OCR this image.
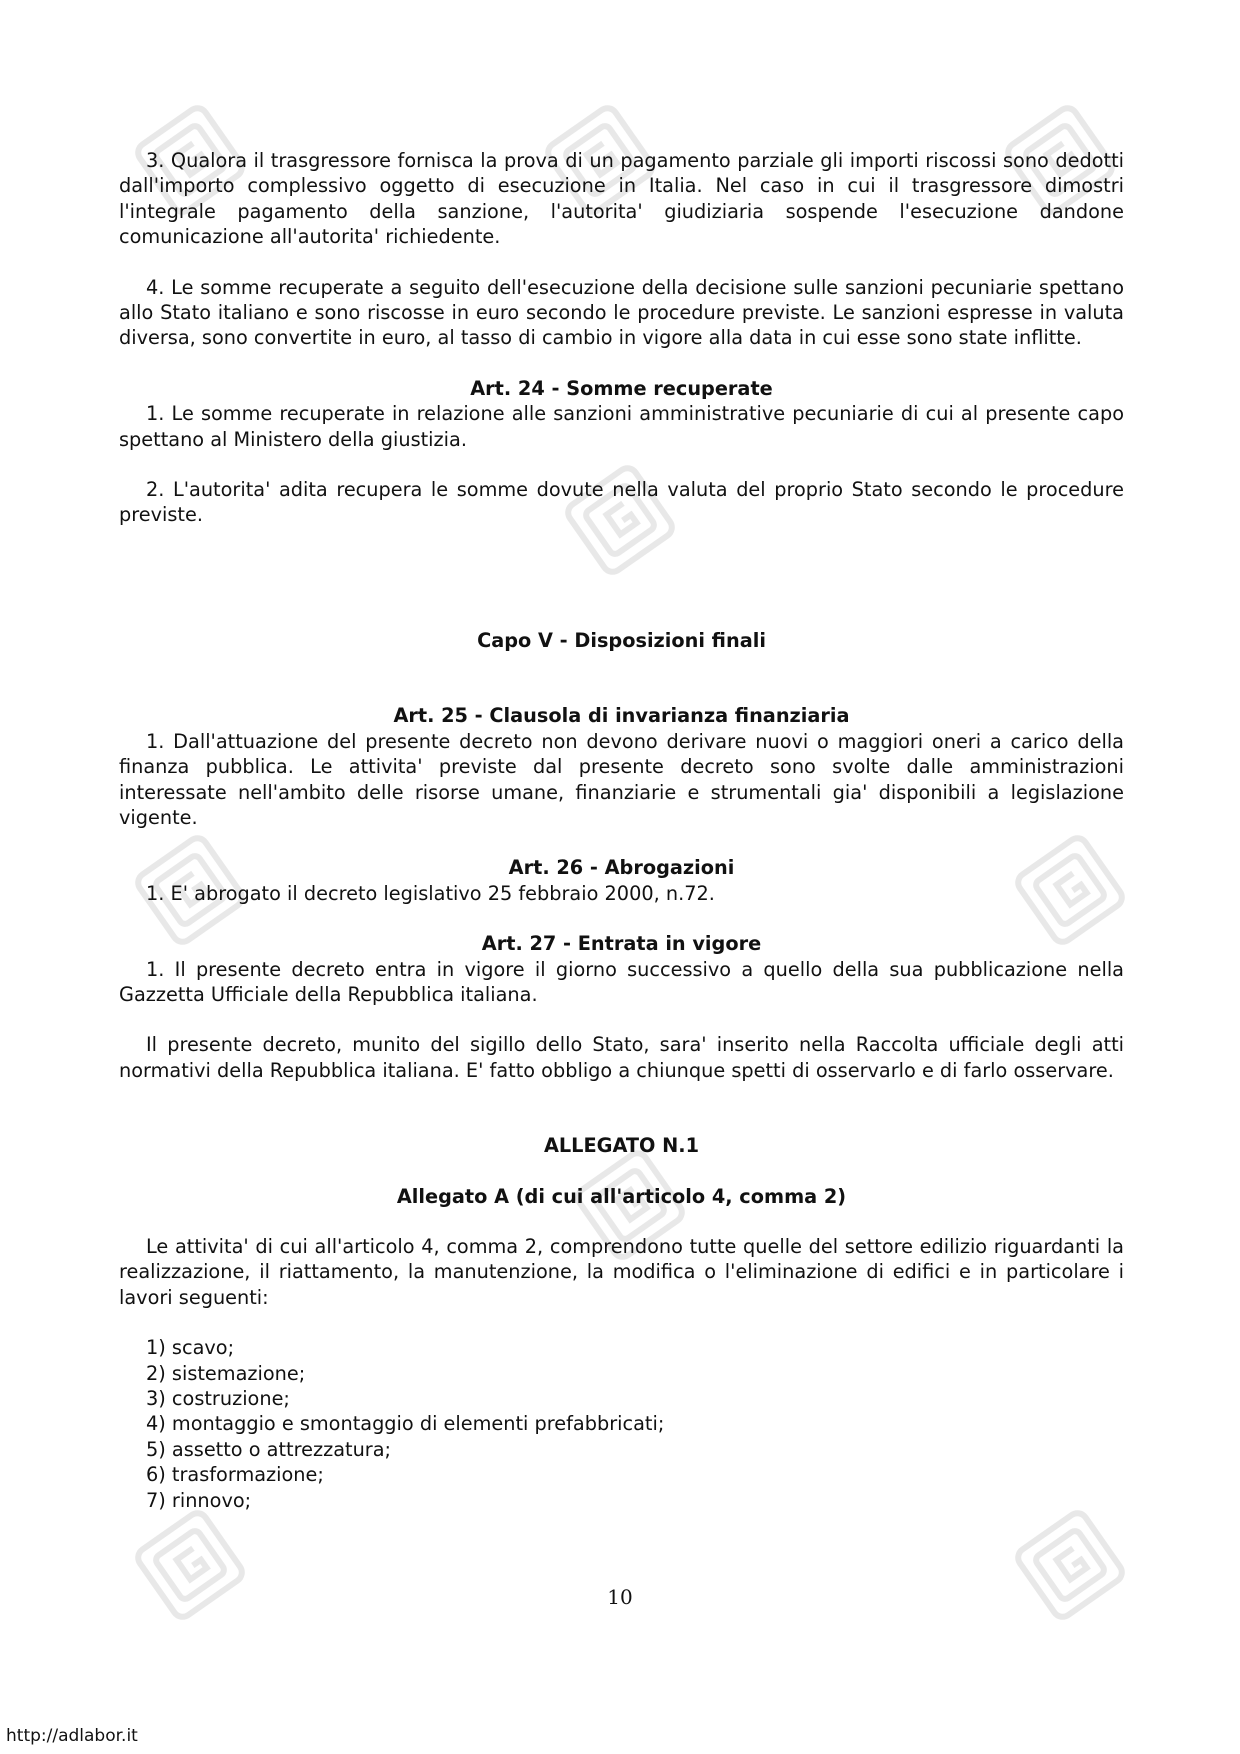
3. Qualora il trasgressore fornisca la prova di un pagamento parziale gli importi riscossi sono dedotti dall'importo complessivo oggetto di esecuzione in Italia. Nel caso in cui il trasgressore dimostri l'integrale pagamento della sanzione, l'autorita' giudiziaria sospende l'esecuzione dandone comunicazione all'autorita' richiedente.

4. Le somme recuperate a seguito dell'esecuzione della decisione sulle sanzioni pecuniarie spettano allo Stato italiano e sono riscosse in euro secondo le procedure previste. Le sanzioni espresse in valuta diversa, sono convertite in euro, al tasso di cambio in vigore alla data in cui esse sono state inflitte.

Art. 24 - Somme recuperate

1. Le somme recuperate in relazione alle sanzioni amministrative pecuniarie di cui al presente capo spettano al Ministero della giustizia.

2. L'autorita' adita recupera le somme dovute nella valuta del proprio Stato secondo le procedure previste.

Capo V - Disposizioni finali
Art. 25 - Clausola di invarianza finanziaria

1. Dall'attuazione del presente decreto non devono derivare nuovi o maggiori oneri a carico della finanza pubblica. Le attivita' previste dal presente decreto sono svolte dalle amministrazioni interessate nell'ambito delle risorse umane, finanziarie e strumentali gia' disponibili a legislazione vigente.

Art. 26 - Abrogazioni

1. E' abrogato il decreto legislativo 25 febbraio 2000, n.72.

Art. 27 - Entrata in vigore

1. Il presente decreto entra in vigore il giorno successivo a quello della sua pubblicazione nella Gazzetta Ufficiale della Repubblica italiana.

Il presente decreto, munito del sigillo dello Stato, sara' inserito nella Raccolta ufficiale degli atti normativi della Repubblica italiana. E' fatto obbligo a chiunque spetti di osservarlo e di farlo osservare.

ALLEGATO N.1
Allegato A (di cui all'articolo 4, comma 2)

Le attivita' di cui all'articolo 4, comma 2, comprendono tutte quelle del settore edilizio riguardanti la realizzazione, il riattamento, la manutenzione, la modifica o l'eliminazione di edifici e in particolare i lavori seguenti:

1) scavo;
2) sistemazione;
3) costruzione;
4) montaggio e smontaggio di elementi prefabbricati;
5) assetto o attrezzatura;
6) trasformazione;
7) rinnovo;
10
http://adlabor.it
